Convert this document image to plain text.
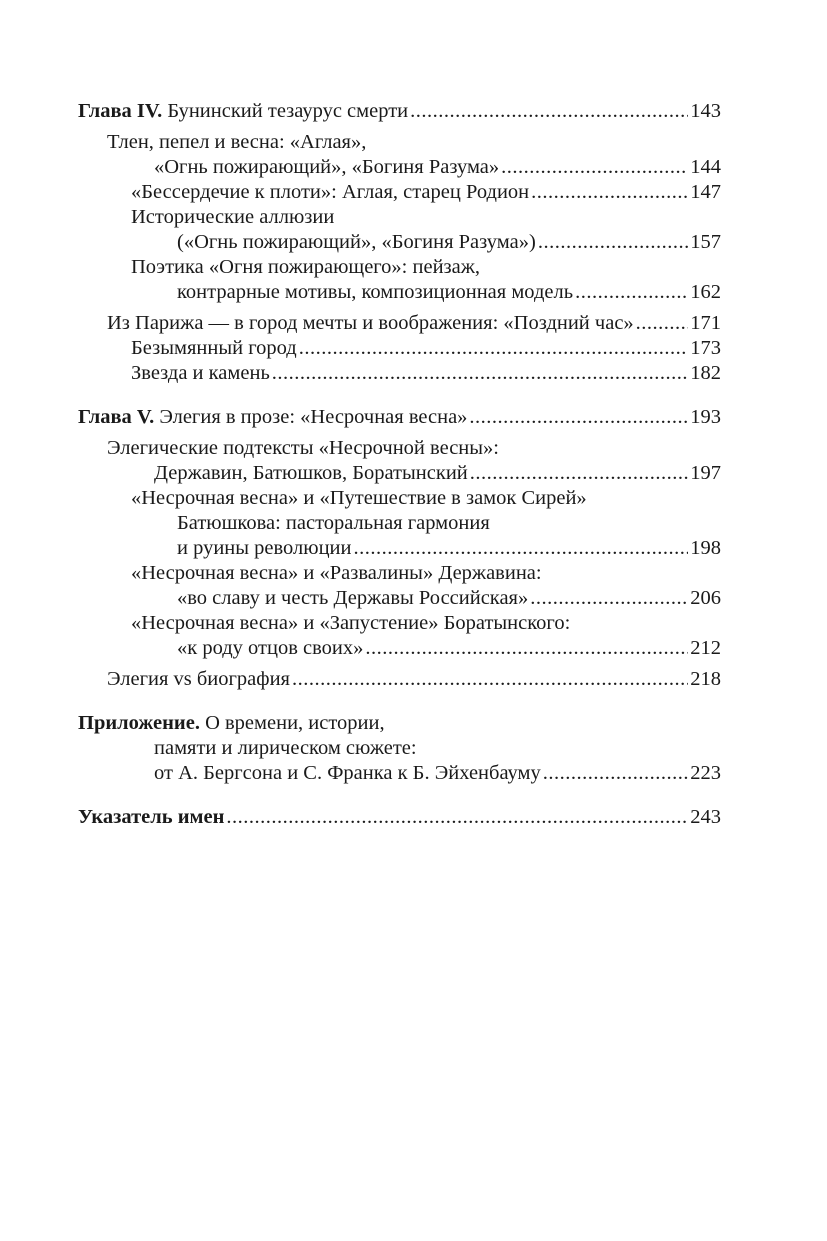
Глава IV. Бунинский тезаурус смерти .....	143
Тлен, пепел и весна: «Аглая»,
«Огнь пожирающий», «Богиня Разума» .....	144
«Бессердечие к плоти»: Аглая, старец Родион .....	147
Исторические аллюзии
(«Огнь пожирающий», «Богиня Разума») .....	157
Поэтика «Огня пожирающего»: пейзаж,
контрарные мотивы, композиционная модель .....	162
Из Парижа — в город мечты и воображения: «Поздний час» .....	171
Безымянный город .....	173
Звезда и камень .....	182
Глава V. Элегия в прозе: «Несрочная весна» .....	193
Элегические подтексты «Несрочной весны»:
Державин, Батюшков, Боратынский .....	197
«Несрочная весна» и «Путешествие в замок Сирей»
Батюшкова: пасторальная гармония
и руины революции .....	198
«Несрочная весна» и «Развалины» Державина:
«во славу и честь Державы Российская» .....	206
«Несрочная весна» и «Запустение» Боратынского:
«к роду отцов своих» .....	212
Элегия vs биография .....	218
Приложение. О времени, истории,
памяти и лирическом сюжете:
от А. Бергсона и С. Франка к Б. Эйхенбауму .....	223
Указатель имен .....	243
